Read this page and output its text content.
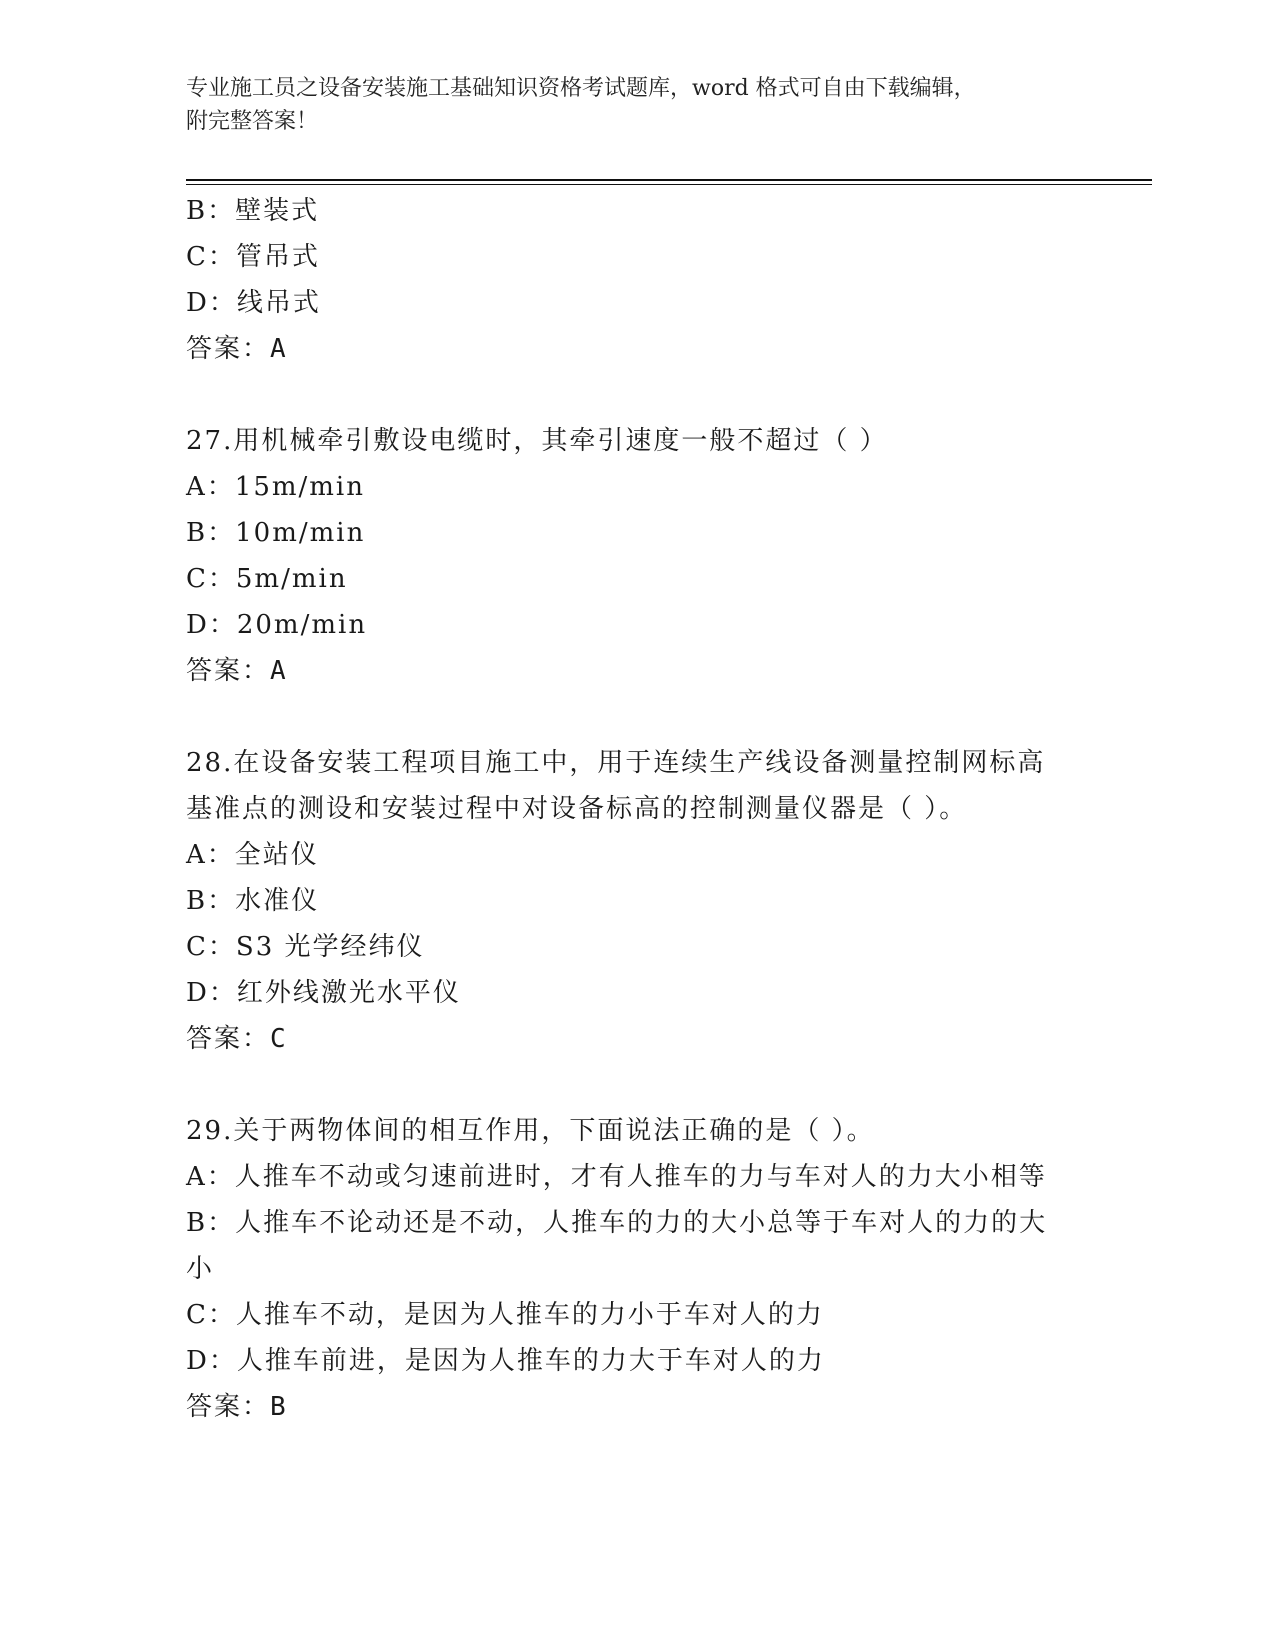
专业施工员之设备安装施工基础知识资格考试题库，word 格式可自由下载编辑，
附完整答案！
B：壁装式
C：管吊式
D：线吊式
答案：A
27.用机械牵引敷设电缆时，其牵引速度一般不超过（ ）
A：15m/min
B：10m/min
C：5m/min
D：20m/min
答案：A
28.在设备安装工程项目施工中，用于连续生产线设备测量控制网标高
基准点的测设和安装过程中对设备标高的控制测量仪器是（ ）。
A：全站仪
B：水准仪
C：S3 光学经纬仪
D：红外线激光水平仪
答案：C
29.关于两物体间的相互作用，下面说法正确的是（ ）。
A：人推车不动或匀速前进时，才有人推车的力与车对人的力大小相等
B：人推车不论动还是不动，人推车的力的大小总等于车对人的力的大
小
C：人推车不动，是因为人推车的力小于车对人的力
D：人推车前进，是因为人推车的力大于车对人的力
答案：B
